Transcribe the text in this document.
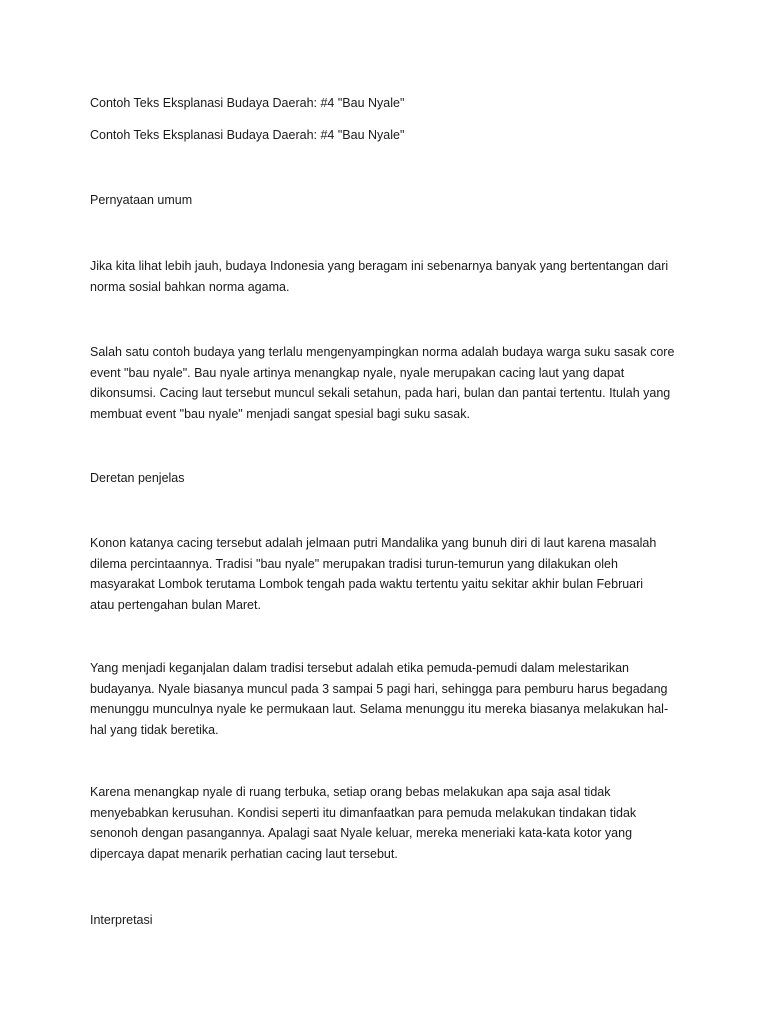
Contoh Teks Eksplanasi Budaya Daerah: #4 "Bau Nyale"

Contoh Teks Eksplanasi Budaya Daerah: #4 "Bau Nyale"

Pernyataan umum

Jika kita lihat lebih jauh, budaya Indonesia yang beragam ini sebenarnya banyak yang bertentangan dari
norma sosial bahkan norma agama.

Salah satu contoh budaya yang terlalu mengenyampingkan norma adalah budaya warga suku sasak core
event "bau nyale". Bau nyale artinya menangkap nyale, nyale merupakan cacing laut yang dapat
dikonsumsi. Cacing laut tersebut muncul sekali setahun, pada hari, bulan dan pantai tertentu. Itulah yang
membuat event "bau nyale" menjadi sangat spesial bagi suku sasak.

Deretan penjelas

Konon katanya cacing tersebut adalah jelmaan putri Mandalika yang bunuh diri di laut karena masalah
dilema percintaannya. Tradisi "bau nyale" merupakan tradisi turun-temurun yang dilakukan oleh
masyarakat Lombok terutama Lombok tengah pada waktu tertentu yaitu sekitar akhir bulan Februari
atau pertengahan bulan Maret.

Yang menjadi keganjalan dalam tradisi tersebut adalah etika pemuda-pemudi dalam melestarikan
budayanya. Nyale biasanya muncul pada 3 sampai 5 pagi hari, sehingga para pemburu harus begadang
menunggu munculnya nyale ke permukaan laut. Selama menunggu itu mereka biasanya melakukan hal-
hal yang tidak beretika.

Karena menangkap nyale di ruang terbuka, setiap orang bebas melakukan apa saja asal tidak
menyebabkan kerusuhan. Kondisi seperti itu dimanfaatkan para pemuda melakukan tindakan tidak
senonoh dengan pasangannya. Apalagi saat Nyale keluar, mereka meneriaki kata-kata kotor yang
dipercaya dapat menarik perhatian cacing laut tersebut.

Interpretasi
